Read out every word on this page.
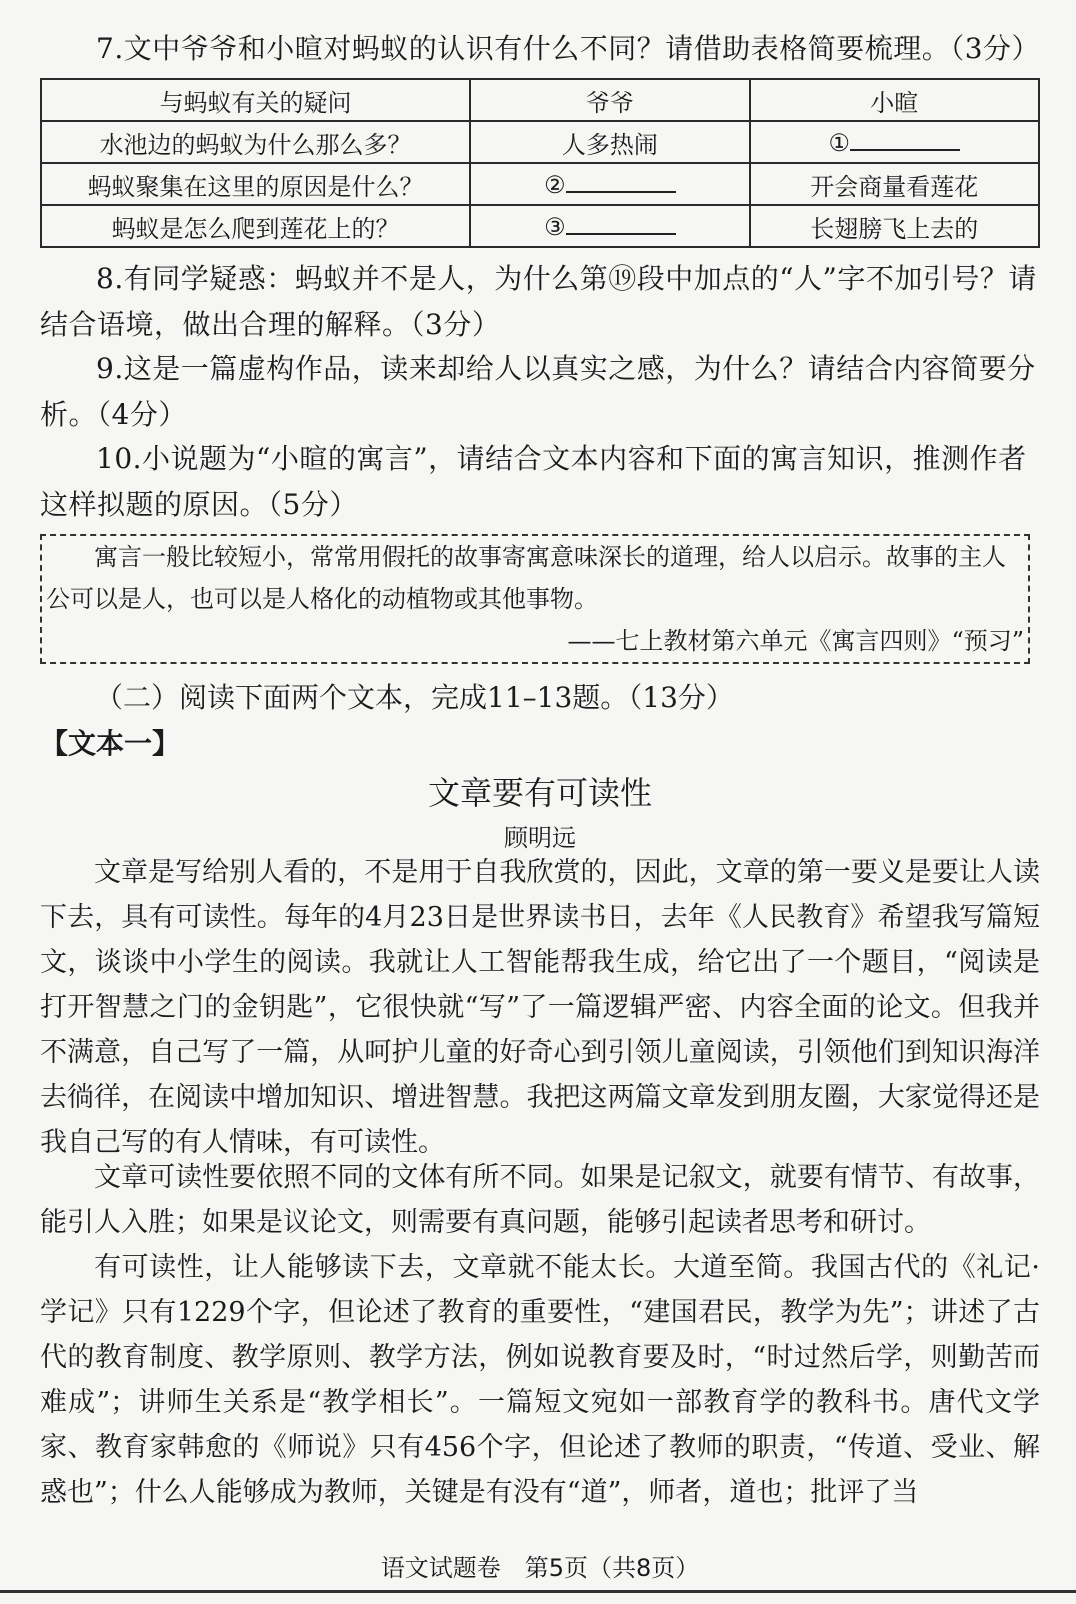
7.文中爷爷和小暄对蚂蚁的认识有什么不同？请借助表格简要梳理。（3分）

与蚂蚁有关的疑问	爷爷	小暄
水池边的蚂蚁为什么那么多？	人多热闹	①
蚂蚁聚集在这里的原因是什么？	②	开会商量看莲花
蚂蚁是怎么爬到莲花上的？	③	长翅膀飞上去的

8.有同学疑惑：蚂蚁并不是人，为什么第⑲段中加点的“人”字不加引号？请结合语境，做出合理的解释。（3分）

9.这是一篇虚构作品，读来却给人以真实之感，为什么？请结合内容简要分析。（4分）

10.小说题为“小暄的寓言”，请结合文本内容和下面的寓言知识，推测作者这样拟题的原因。（5分）

寓言一般比较短小，常常用假托的故事寄寓意味深长的道理，给人以启示。故事的主人公可以是人，也可以是人格化的动植物或其他事物。

——七上教材第六单元《寓言四则》“预习”

（二）阅读下面两个文本，完成11–13题。（13分）
【文本一】
文章要有可读性
顾明远

文章是写给别人看的，不是用于自我欣赏的，因此，文章的第一要义是要让人读下去，具有可读性。每年的4月23日是世界读书日，去年《人民教育》希望我写篇短文，谈谈中小学生的阅读。我就让人工智能帮我生成，给它出了一个题目，“阅读是打开智慧之门的金钥匙”，它很快就“写”了一篇逻辑严密、内容全面的论文。但我并不满意，自己写了一篇，从呵护儿童的好奇心到引领儿童阅读，引领他们到知识海洋去徜徉，在阅读中增加知识、增进智慧。我把这两篇文章发到朋友圈，大家觉得还是我自己写的有人情味，有可读性。

文章可读性要依照不同的文体有所不同。如果是记叙文，就要有情节、有故事，能引人入胜；如果是议论文，则需要有真问题，能够引起读者思考和研讨。

有可读性，让人能够读下去，文章就不能太长。大道至简。我国古代的《礼记·学记》只有1229个字，但论述了教育的重要性，“建国君民，教学为先”；讲述了古代的教育制度、教学原则、教学方法，例如说教育要及时，“时过然后学，则勤苦而难成”；讲师生关系是“教学相长”。一篇短文宛如一部教育学的教科书。唐代文学家、教育家韩愈的《师说》只有456个字，但论述了教师的职责，“传道、受业、解惑也”；什么人能够成为教师，关键是有没有“道”，师者，道也；批评了当

语文试题卷　第5页（共8页）
